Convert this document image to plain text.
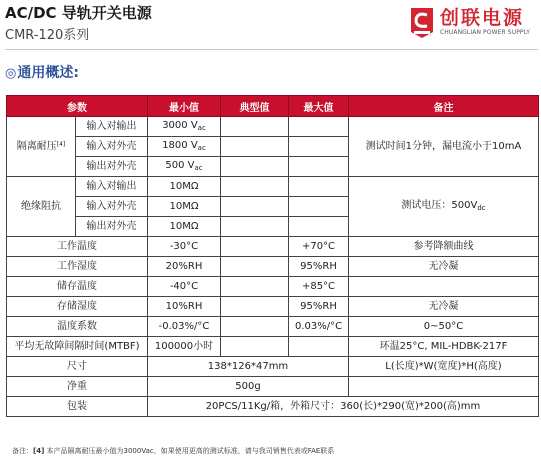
AC/DC 导轨开关电源
CMR-120系列
创联电源
CHUANGLIAN POWER SUPPLY
◎通用概述:
参数		最小值	典型值	最大值	备注
隔离耐压[4]	输入对输出	3000 $V_{ac}$			测试时间1分钟，漏电流小于10mA
	输入对外壳	1800 $V_{ac}$		
	输出对外壳	500 $V_{ac}$		
绝缘阻抗	输入对输出	10MΩ			测试电压：$500V_{dc}$
	输入对外壳	10MΩ			
	输出对外壳	10MΩ			
工作温度		-30°C		+70°C	参考降额曲线
工作湿度		20%RH		95%RH	无冷凝
储存温度		-40°C		+85°C	
存储湿度		10%RH		95%RH	无冷凝
温度系数		-0.03%/°C		0.03%/°C	0~50°C
平均无故障间隔时间(MTBF)		100000小时			环温25°C, MIL-HDBK-217F
尺寸		138*126*47mm			L(长度)*W(宽度)*H(高度)
净重		500g			
包装		20PCS/11Kg/箱，外箱尺寸：360(长)*290(宽)*200(高)mm			
备注：[4] 本产品隔离耐压最小值为3000Vac，如果使用更高的测试标准，请与我司销售代表或FAE联系
